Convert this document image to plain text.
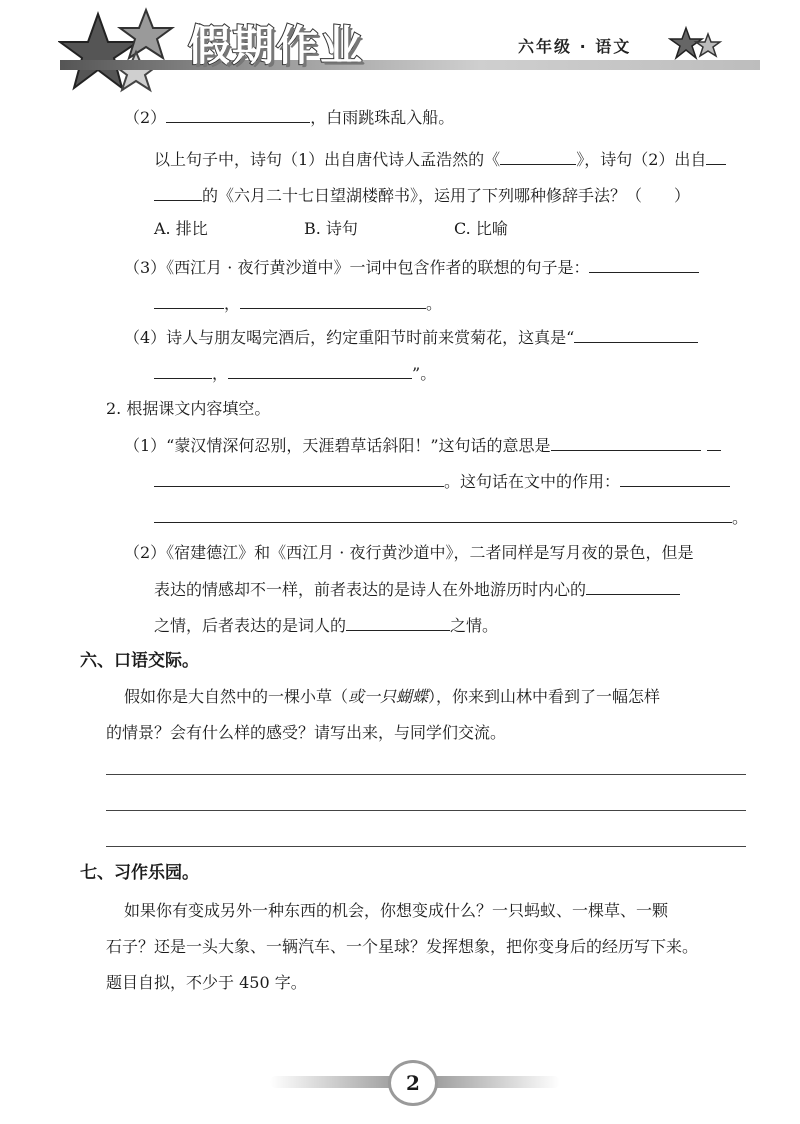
假期作业	六年级 · 语文
（2）	，白雨跳珠乱入船。
以上句子中，诗句（1）出自唐代诗人孟浩然的《	》，诗句（2）出自
的《六月二十七日望湖楼醉书》，运用了下列哪种修辞手法？（　　）
A. 排比	B. 诗句	C. 比喻
（3）《西江月 · 夜行黄沙道中》一词中包含作者的联想的句子是：
，	。
（4）诗人与朋友喝完酒后，约定重阳节时前来赏菊花，这真是“
，	”。
2. 根据课文内容填空。
（1）“蒙汉情深何忍别，天涯碧草话斜阳！”这句话的意思是
。这句话在文中的作用：
。
（2）《宿建德江》和《西江月 · 夜行黄沙道中》，二者同样是写月夜的景色，但是
表达的情感却不一样，前者表达的是诗人在外地游历时内心的
之情，后者表达的是词人的	之情。
六、口语交际。
假如你是大自然中的一棵小草（或一只蝴蝶），你来到山林中看到了一幅怎样
的情景？会有什么样的感受？请写出来，与同学们交流。
七、习作乐园。
如果你有变成另外一种东西的机会，你想变成什么？一只蚂蚁、一棵草、一颗
石子？还是一头大象、一辆汽车、一个星球？发挥想象，把你变身后的经历写下来。
题目自拟，不少于 450 字。
2
